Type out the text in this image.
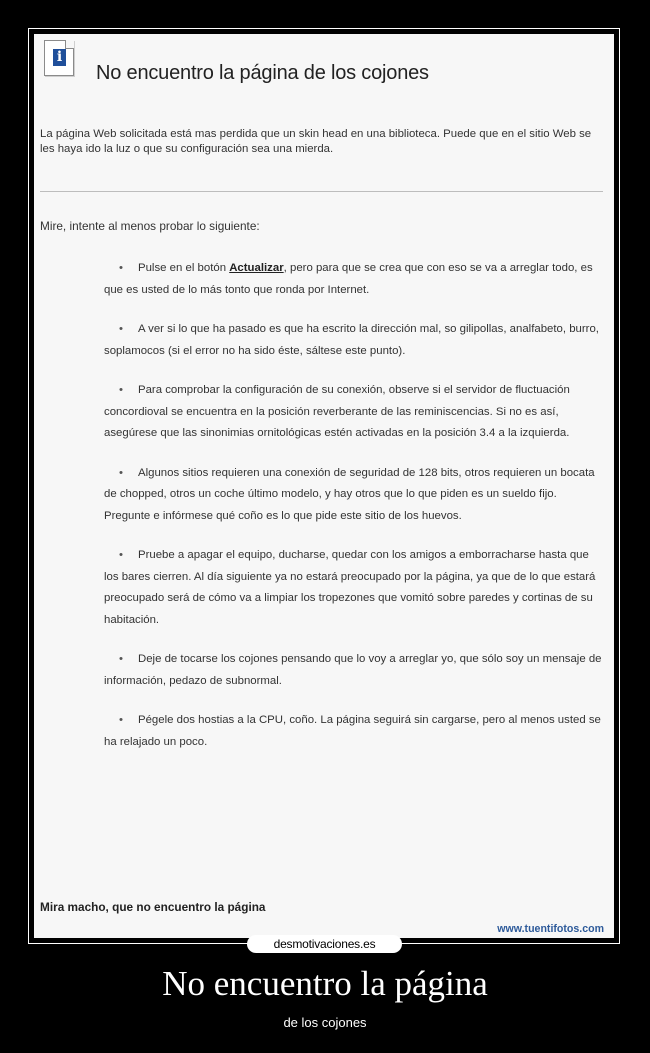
i
No encuentro la página de los cojones

La página Web solicitada está mas perdida que un skin head en una biblioteca. Puede que en el sitio Web se les haya ido la luz o que su configuración sea una mierda.

Mire, intente al menos probar lo siguiente:

• Pulse en el botón Actualizar, pero para que se crea que con eso se va a arreglar todo, es que es usted de lo más tonto que ronda por Internet.
• A ver si lo que ha pasado es que ha escrito la dirección mal, so gilipollas, analfabeto, burro, soplamocos (si el error no ha sido éste, sáltese este punto).
• Para comprobar la configuración de su conexión, observe si el servidor de fluctuación concordioval se encuentra en la posición reverberante de las reminiscencias. Si no es así, asegúrese que las sinonimias ornitológicas estén activadas en la posición 3.4 a la izquierda.
• Algunos sitios requieren una conexión de seguridad de 128 bits, otros requieren un bocata de chopped, otros un coche último modelo, y hay otros que lo que piden es un sueldo fijo. Pregunte e infórmese qué coño es lo que pide este sitio de los huevos.
• Pruebe a apagar el equipo, ducharse, quedar con los amigos a emborracharse hasta que los bares cierren. Al día siguiente ya no estará preocupado por la página, ya que de lo que estará preocupado será de cómo va a limpiar los tropezones que vomitó sobre paredes y cortinas de su habitación.
• Deje de tocarse los cojones pensando que lo voy a arreglar yo, que sólo soy un mensaje de información, pedazo de subnormal.
• Pégele dos hostias a la CPU, coño. La página seguirá sin cargarse, pero al menos usted se ha relajado un poco.

Mira macho, que no encuentro la página

www.tuentifotos.com

desmotivaciones.es
No encuentro la página

de los cojones
